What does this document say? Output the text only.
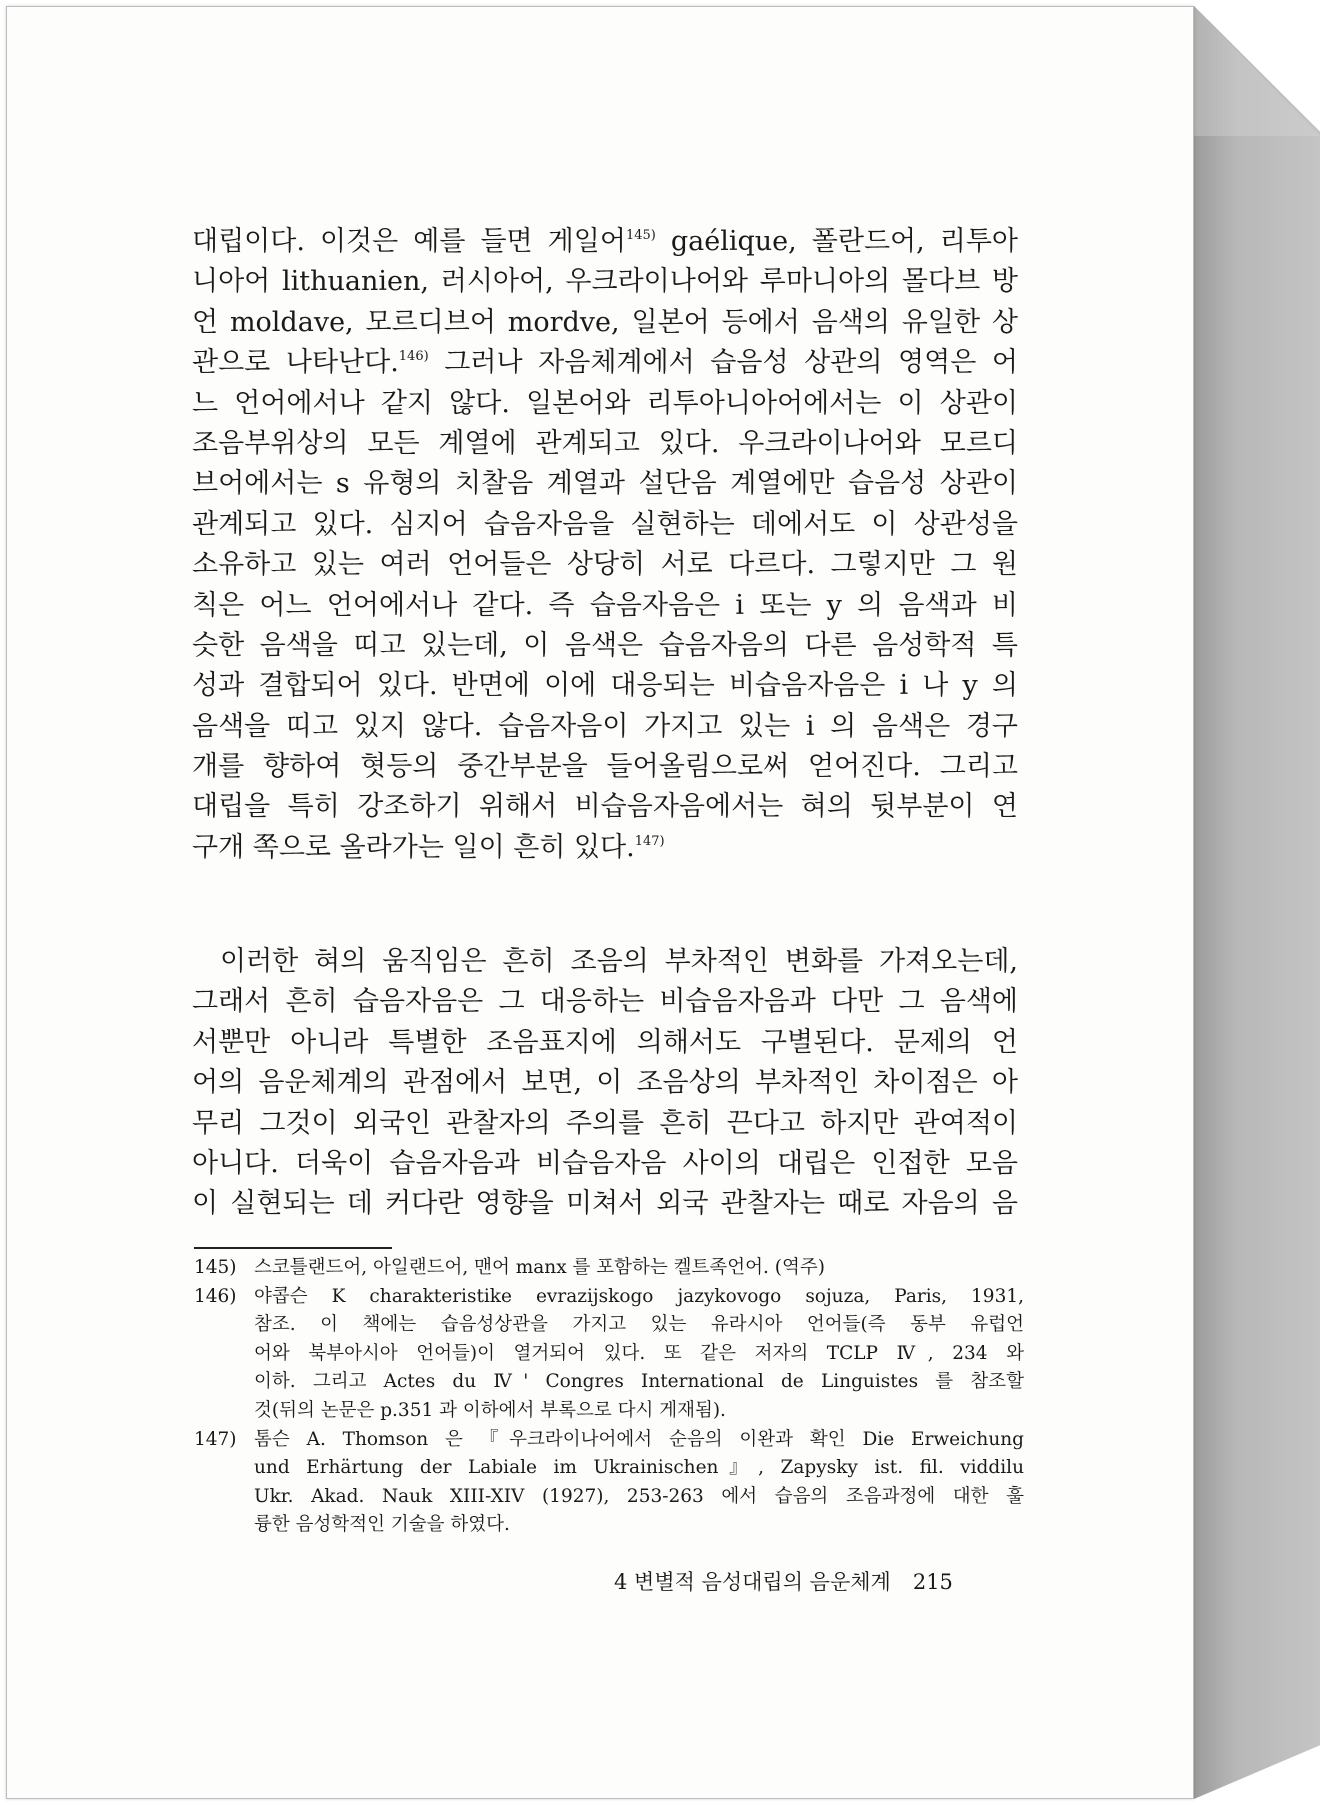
대립이다. 이것은 예를 들면 게일어$^{145)}$ gaélique, 폴란드어, 리투아
니아어 lithuanien, 러시아어, 우크라이나어와 루마니아의 몰다브 방
언 moldave, 모르디브어 mordve, 일본어 등에서 음색의 유일한 상
관으로 나타난다.$^{146)}$ 그러나 자음체계에서 습음성 상관의 영역은 어
느 언어에서나 같지 않다. 일본어와 리투아니아어에서는 이 상관이
조음부위상의 모든 계열에 관계되고 있다. 우크라이나어와 모르디
브어에서는 s 유형의 치찰음 계열과 설단음 계열에만 습음성 상관이
관계되고 있다. 심지어 습음자음을 실현하는 데에서도 이 상관성을
소유하고 있는 여러 언어들은 상당히 서로 다르다. 그렇지만 그 원
칙은 어느 언어에서나 같다. 즉 습음자음은 i 또는 y 의 음색과 비
슷한 음색을 띠고 있는데, 이 음색은 습음자음의 다른 음성학적 특
성과 결합되어 있다. 반면에 이에 대응되는 비습음자음은 i 나 y 의
음색을 띠고 있지 않다. 습음자음이 가지고 있는 i 의 음색은 경구
개를 향하여 혓등의 중간부분을 들어올림으로써 얻어진다. 그리고
대립을 특히 강조하기 위해서 비습음자음에서는 혀의 뒷부분이 연
구개 쪽으로 올라가는 일이 흔히 있다.$^{147)}$
이러한 혀의 움직임은 흔히 조음의 부차적인 변화를 가져오는데,
그래서 흔히 습음자음은 그 대응하는 비습음자음과 다만 그 음색에
서뿐만 아니라 특별한 조음표지에 의해서도 구별된다. 문제의 언
어의 음운체계의 관점에서 보면, 이 조음상의 부차적인 차이점은 아
무리 그것이 외국인 관찰자의 주의를 흔히 끈다고 하지만 관여적이
아니다. 더욱이 습음자음과 비습음자음 사이의 대립은 인접한 모음
이 실현되는 데 커다란 영향을 미쳐서 외국 관찰자는 때로 자음의 음
145) 스코틀랜드어, 아일랜드어, 맨어 manx 를 포함하는 켈트족언어. (역주)
146) 야콥슨 K charakteristike evrazijskogo jazykovogo sojuza, Paris, 1931,
참조. 이 책에는 습음성상관을 가지고 있는 유라시아 언어들(즉 동부 유럽언
어와 북부아시아 언어들)이 열거되어 있다. 또 같은 저자의 TCLP Ⅳ, 234 와
이하. 그리고 Actes du Ⅳ' Congres International de Linguistes 를 참조할
것(뒤의 논문은 p.351 과 이하에서 부록으로 다시 게재됨).
147) 톰슨 A. Thomson 은 『우크라이나어에서 순음의 이완과 확인 Die Erweichung
und Erhärtung der Labiale im Ukrainischen』, Zapysky ist. fil. viddilu
Ukr. Akad. Nauk XIII-XIV (1927), 253-263 에서 습음의 조음과정에 대한 훌
륭한 음성학적인 기술을 하였다.
4 변별적 음성대립의 음운체계 215
